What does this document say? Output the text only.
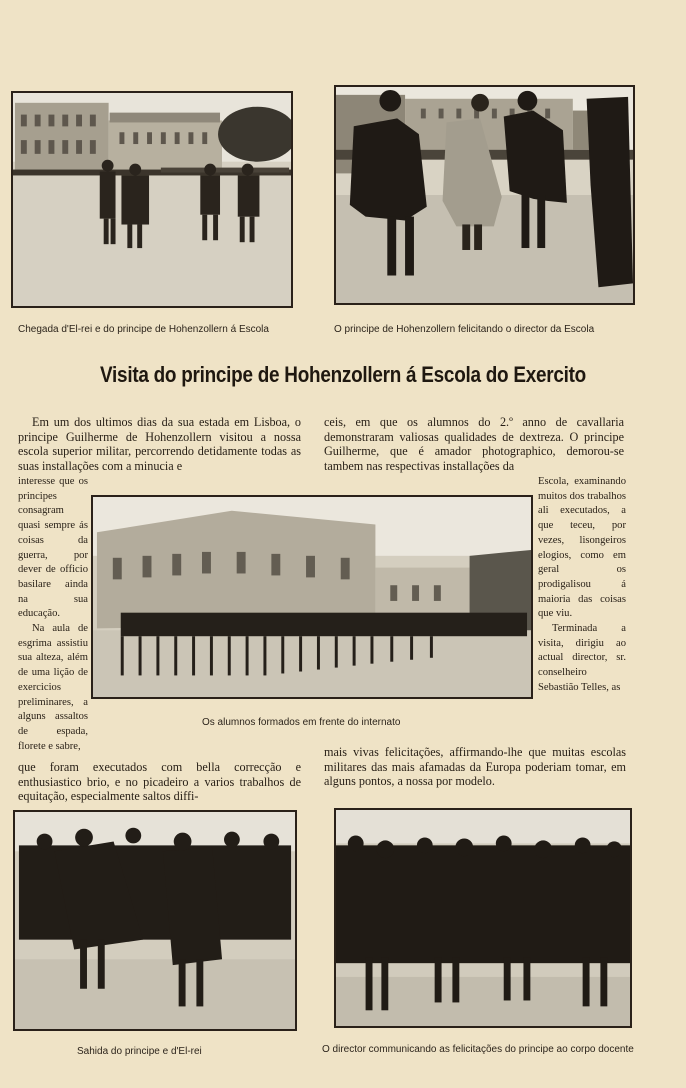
Chegada d'El-rei e do principe de Hohenzollern á Escola	O principe de Hohenzollern felicitando o director da Escola
Visita do principe de Hohenzollern á Escola do Exercito

Em um dos ultimos dias da sua estada em Lisboa, o principe Guilherme de Hohenzollern visitou a nossa escola superior militar, percorrendo detidamente todas as suas installações com a minucia e

interesse que os principes consagram quasi sempre ás coisas da guerra, por dever de officio basilare ainda na sua educação.

Na aula de esgrima assistiu sua alteza, além de uma lição de exercicios preliminares, a alguns assaltos de espada, florete e sabre,

que foram executados com bella correcção e enthusiastico brio, e no picadeiro a varios trabalhos de equitação, especialmente saltos diffi-

ceis, em que os alumnos do 2.º anno de cavallaria demonstraram valiosas qualidades de dextreza. O principe Guilherme, que é amador photographico, demorou-se tambem nas respectivas installações da

Escola, examinando muitos dos trabalhos ali executados, a que teceu, por vezes, lisongeiros elogios, como em geral os prodigalisou á maioria das coisas que viu.

Terminada a visita, dirigiu ao actual director, sr. conselheiro Sebastião Telles, as

mais vivas felicitações, affirmando-lhe que muitas escolas militares das mais afamadas da Europa poderiam tomar, em alguns pontos, a nossa por modelo.

Os alumnos formados em frente do internato
Sahida do principe e d'El-rei	O director communicando as felicitações do principe ao corpo docente
